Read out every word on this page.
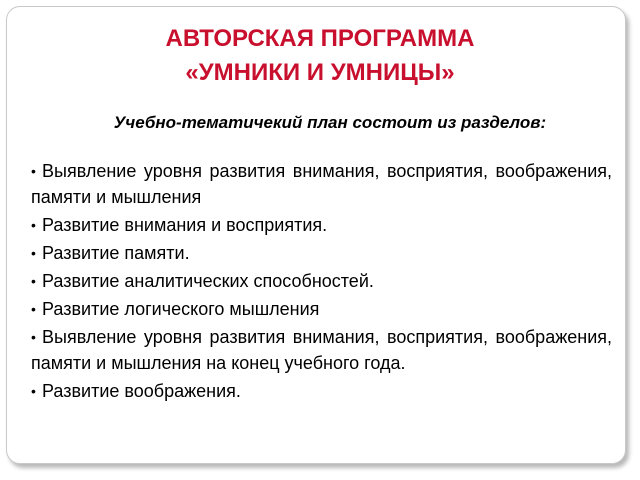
АВТОРСКАЯ ПРОГРАММА
«УМНИКИ И УМНИЦЫ»
Учебно-тематичекий план состоит из разделов:
• Выявление уровня развития внимания, восприятия, воображения, памяти и мышления
• Развитие внимания и восприятия.
• Развитие памяти.
• Развитие аналитических способностей.
• Развитие логического мышления
• Выявление уровня развития внимания, восприятия, воображения, памяти и мышления на конец учебного года.
• Развитие воображения.
